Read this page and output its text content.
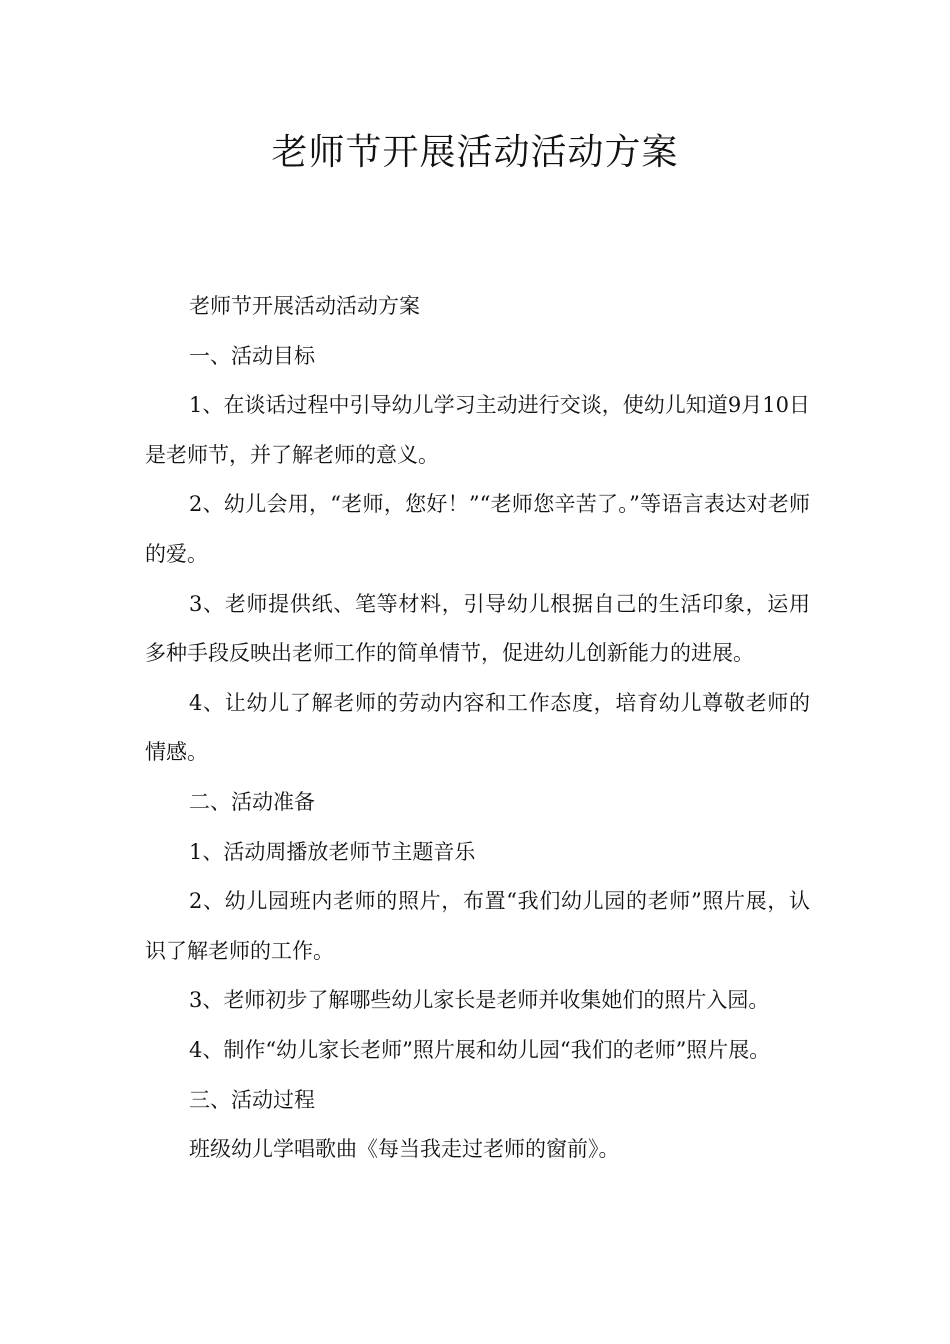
老师节开展活动活动方案

老师节开展活动活动方案

一、活动目标

1、在谈话过程中引导幼儿学习主动进行交谈，使幼儿知道9月10日是老师节，并了解老师的意义。

2、幼儿会用，“老师，您好！”“老师您辛苦了。”等语言表达对老师的爱。

3、老师提供纸、笔等材料，引导幼儿根据自己的生活印象，运用多种手段反映出老师工作的简单情节，促进幼儿创新能力的进展。

4、让幼儿了解老师的劳动内容和工作态度，培育幼儿尊敬老师的情感。

二、活动准备

1、活动周播放老师节主题音乐

2、幼儿园班内老师的照片，布置“我们幼儿园的老师”照片展，认识了解老师的工作。

3、老师初步了解哪些幼儿家长是老师并收集她们的照片入园。

4、制作“幼儿家长老师”照片展和幼儿园“我们的老师”照片展。

三、活动过程

班级幼儿学唱歌曲《每当我走过老师的窗前》。
